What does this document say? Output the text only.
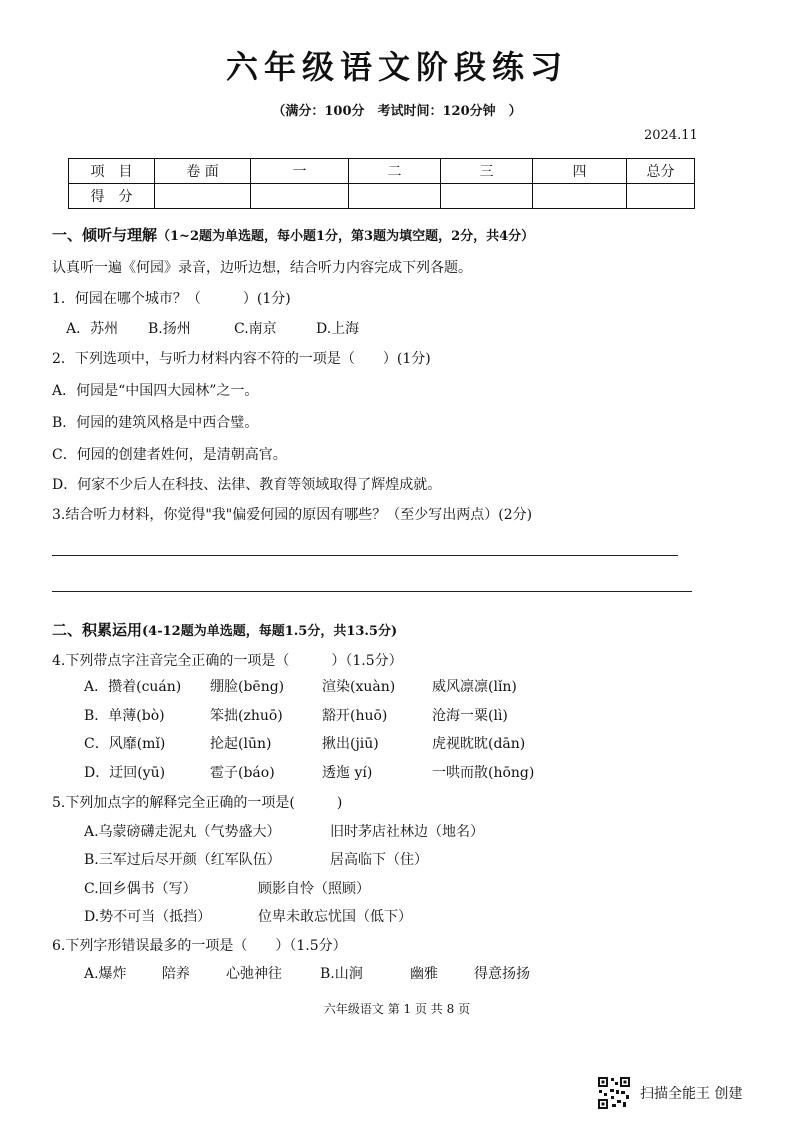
六年级语文阶段练习
（满分：100分　考试时间：120分钟　）
2024.11
项　目	卷 面	一	二	三	四	总分
得　分						
一、倾听与理解（1~2题为单选题，每小题1分，第3题为填空题，2分，共4分）
认真听一遍《何园》录音，边听边想，结合听力内容完成下列各题。
1．何园在哪个城市？（　　　）(1分)
A．苏州 B.扬州	C.南京	D.上海
2．下列选项中，与听力材料内容不符的一项是（　　）(1分)
A．何园是“中国四大园林”之一。
B．何园的建筑风格是中西合璧。
C．何园的创建者姓何，是清朝高官。
D．何家不少后人在科技、法律、教育等领域取得了辉煌成就。
3.结合听力材料，你觉得"我"偏爱何园的原因有哪些？（至少写出两点）(2分)
二、积累运用(4-12题为单选题，每题1.5分，共13.5分)
4.下列带点字注音完全正确的一项是（　　　）（1.5分）
A．攒着(cuán) 绷脸(bēng)	渲染(xuàn)	威风凛凛(lǐn)
B．单薄(bò)	笨拙(zhuō)	豁开(huō)	沧海一粟(lì)
C．风靡(mǐ)	抡起(lūn)	揪出(jiū)	虎视眈眈(dān)
D．迂回(yū)	雹子(báo)	透迤 yí)	一哄而散(hōng)
5.下列加点字的解释完全正确的一项是(　　　)
A.乌蒙磅礴走泥丸（气势盛大）	旧时茅店社林边（地名）
B.三军过后尽开颜（红军队伍）	居高临下（住）
C.回乡偶书（写）	顾影自怜（照顾）
D.势不可当（抵挡）	位卑未敢忘忧国（低下）
6.下列字形错误最多的一项是（　　）（1.5分）
A.爆炸	陪养	心弛神往	B.山涧	幽雅	得意扬扬
六年级语文 第 1 页 共 8 页
扫描全能王 创建
